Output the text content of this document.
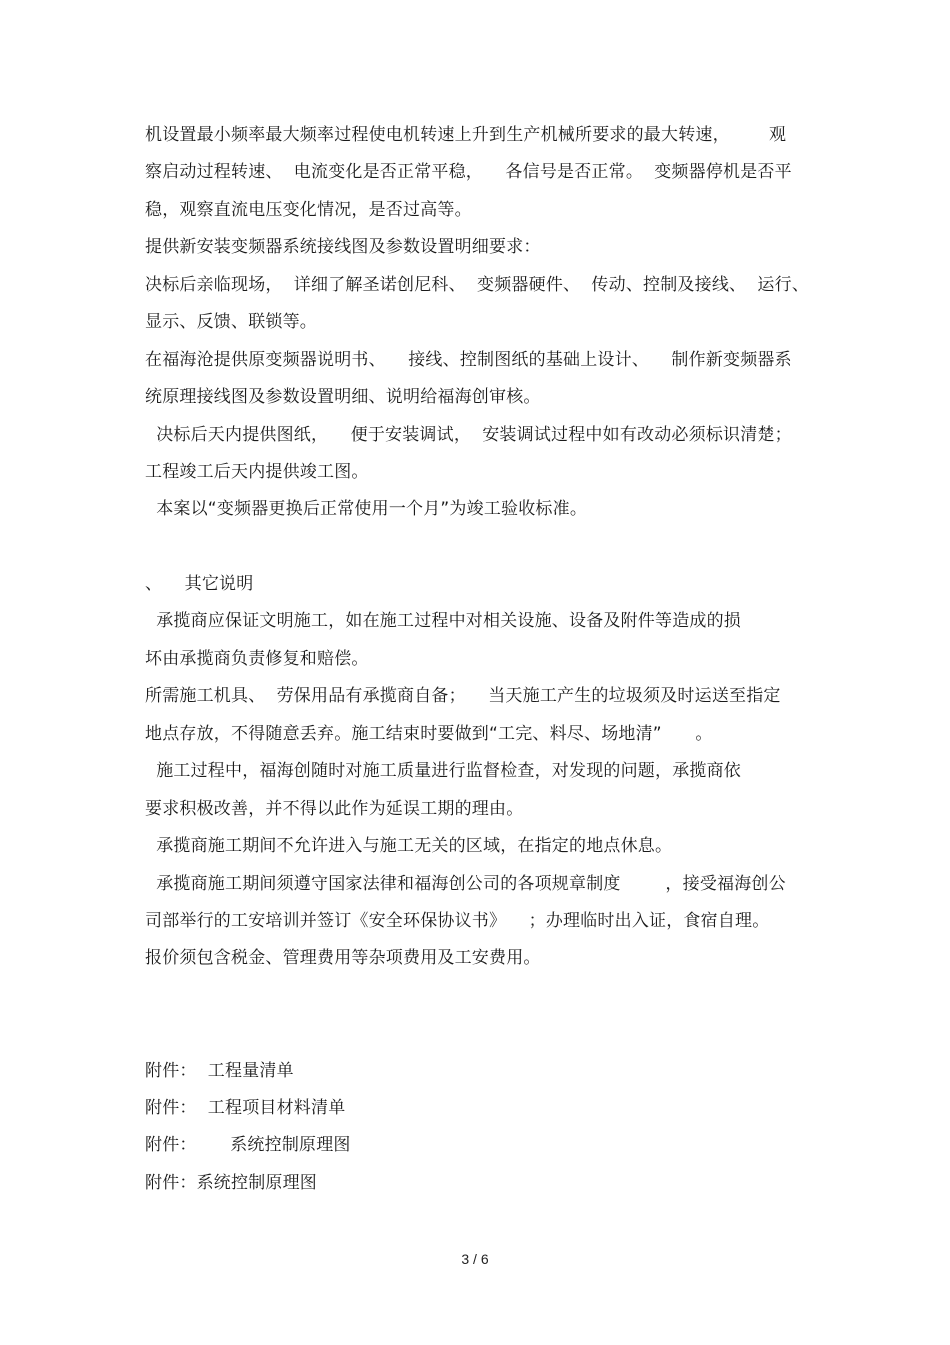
机设置最小频率最大频率过程使电机转速上升到生产机械所要求的最大转速，       观
察启动过程转速、  电流变化是否正常平稳，    各信号是否正常。  变频器停机是否平
稳，观察直流电压变化情况，是否过高等。
提供新安装变频器系统接线图及参数设置明细要求：
决标后亲临现场，  详细了解圣诺创尼科、  变频器硬件、  传动、控制及接线、  运行、
显示、反馈、联锁等。
在福海沧提供原变频器说明书、    接线、控制图纸的基础上设计、    制作新变频器系
统原理接线图及参数设置明细、说明给福海创审核。
决标后天内提供图纸，    便于安装调试，  安装调试过程中如有改动必须标识清楚；
工程竣工后天内提供竣工图。
本案以“变频器更换后正常使用一个月”为竣工验收标准。
、    其它说明
承揽商应保证文明施工，如在施工过程中对相关设施、设备及附件等造成的损
坏由承揽商负责修复和赔偿。
所需施工机具、  劳保用品有承揽商自备；    当天施工产生的垃圾须及时运送至指定
地点存放，不得随意丢弃。施工结束时要做到“工完、料尽、场地清”      。
施工过程中，福海创随时对施工质量进行监督检查，对发现的问题，承揽商依
要求积极改善，并不得以此作为延误工期的理由。
承揽商施工期间不允许进入与施工无关的区域，在指定的地点休息。
承揽商施工期间须遵守国家法律和福海创公司的各项规章制度        ，接受福海创公
司部举行的工安培训并签订《安全环保协议书》    ；办理临时出入证，食宿自理。
报价须包含税金、管理费用等杂项费用及工安费用。
附件：  工程量清单
附件：  工程项目材料清单
附件：      系统控制原理图
附件：系统控制原理图
3 / 6
